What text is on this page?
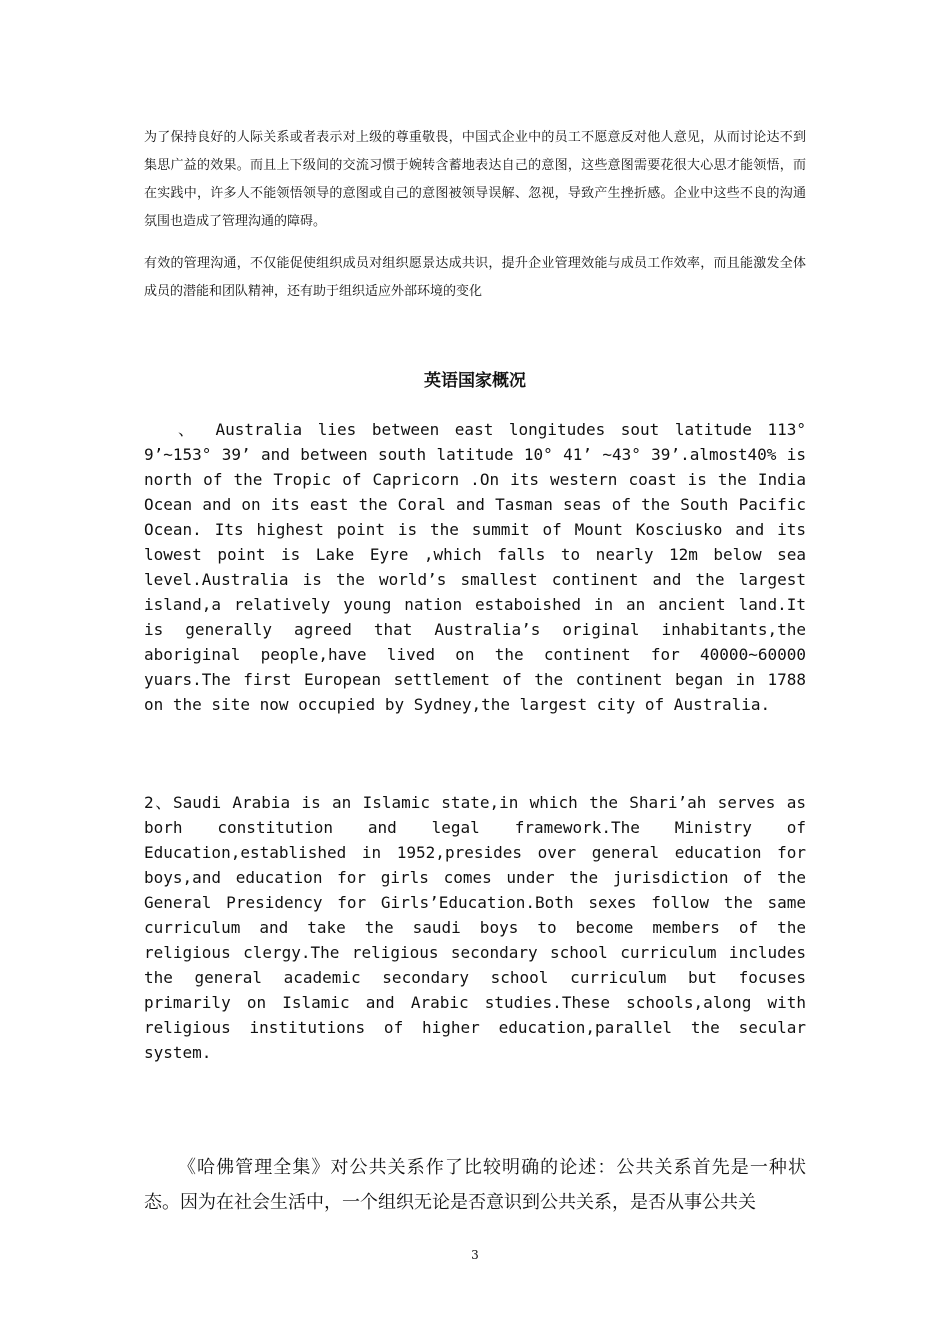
为了保持良好的人际关系或者表示对上级的尊重敬畏，中国式企业中的员工不愿意反对他人意见，从而讨论达不到集思广益的效果。而且上下级间的交流习惯于婉转含蓄地表达自己的意图，这些意图需要花很大心思才能领悟，而在实践中，许多人不能领悟领导的意图或自己的意图被领导误解、忽视，导致产生挫折感。企业中这些不良的沟通氛围也造成了管理沟通的障碍。

有效的管理沟通，不仅能促使组织成员对组织愿景达成共识，提升企业管理效能与成员工作效率，而且能激发全体成员的潜能和团队精神，还有助于组织适应外部环境的变化

英语国家概况

、 Australia lies between east longitudes sout latitude 113° 9’~153° 39’ and between south latitude 10° 41’ ~43° 39’.almost40% is north of the Tropic of Capricorn .On its western coast is the India Ocean and on its east the Coral and Tasman seas of the South Pacific Ocean. Its highest point is the summit of Mount Kosciusko and its lowest point is Lake Eyre ,which falls to nearly 12m below sea level.Australia is the world’s smallest continent and the largest island,a relatively young nation estaboished in an ancient land.It is generally agreed that Australia’s original inhabitants,the aboriginal people,have lived on the continent for 40000~60000 yuars.The first European settlement of the continent began in 1788 on the site now occupied by Sydney,the largest city of Australia.

2、Saudi Arabia is an Islamic state,in which the Shari’ah serves as borh constitution and legal framework.The Ministry of Education,established in 1952,presides over general education for boys,and education for girls comes under the jurisdiction of the General Presidency for Girls’Education.Both sexes follow the same curriculum and take the saudi boys to become members of the religious clergy.The religious secondary school curriculum includes the general academic secondary school curriculum but focuses primarily on Islamic and Arabic studies.These schools,along with religious institutions of higher education,parallel the secular system.

《哈佛管理全集》对公共关系作了比较明确的论述：公共关系首先是一种状态。因为在社会生活中，一个组织无论是否意识到公共关系，是否从事公共关

3
